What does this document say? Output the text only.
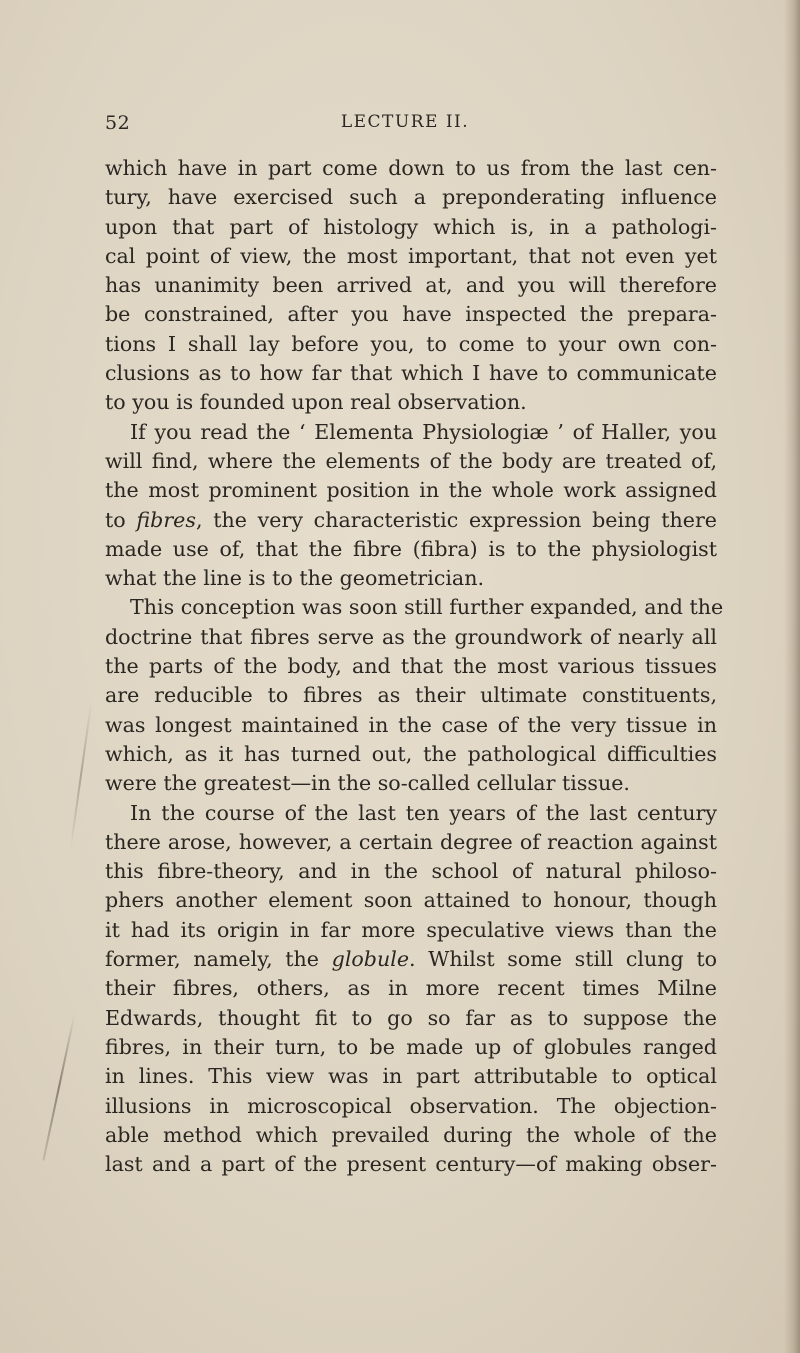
52	LECTURE II.
which have in part come down to us from the last cen-
tury, have exercised such a preponderating influence
upon that part of histology which is, in a pathologi-
cal point of view, the most important, that not even yet
has unanimity been arrived at, and you will therefore
be constrained, after you have inspected the prepara-
tions I shall lay before you, to come to your own con-
clusions as to how far that which I have to communicate
to you is founded upon real observation.
If you read the ‘ Elementa Physiologiæ ’ of Haller, you
will find, where the elements of the body are treated of,
the most prominent position in the whole work assigned
to fibres, the very characteristic expression being there
made use of, that the fibre (fibra) is to the physiologist
what the line is to the geometrician.
This conception was soon still further expanded, and the
doctrine that fibres serve as the groundwork of nearly all
the parts of the body, and that the most various tissues
are reducible to fibres as their ultimate constituents,
was longest maintained in the case of the very tissue in
which, as it has turned out, the pathological difficulties
were the greatest—in the so-called cellular tissue.
In the course of the last ten years of the last century
there arose, however, a certain degree of reaction against
this fibre-theory, and in the school of natural philoso-
phers another element soon attained to honour, though
it had its origin in far more speculative views than the
former, namely, the globule. Whilst some still clung to
their fibres, others, as in more recent times Milne
Edwards, thought fit to go so far as to suppose the
fibres, in their turn, to be made up of globules ranged
in lines. This view was in part attributable to optical
illusions in microscopical observation. The objection-
able method which prevailed during the whole of the
last and a part of the present century—of making obser-
